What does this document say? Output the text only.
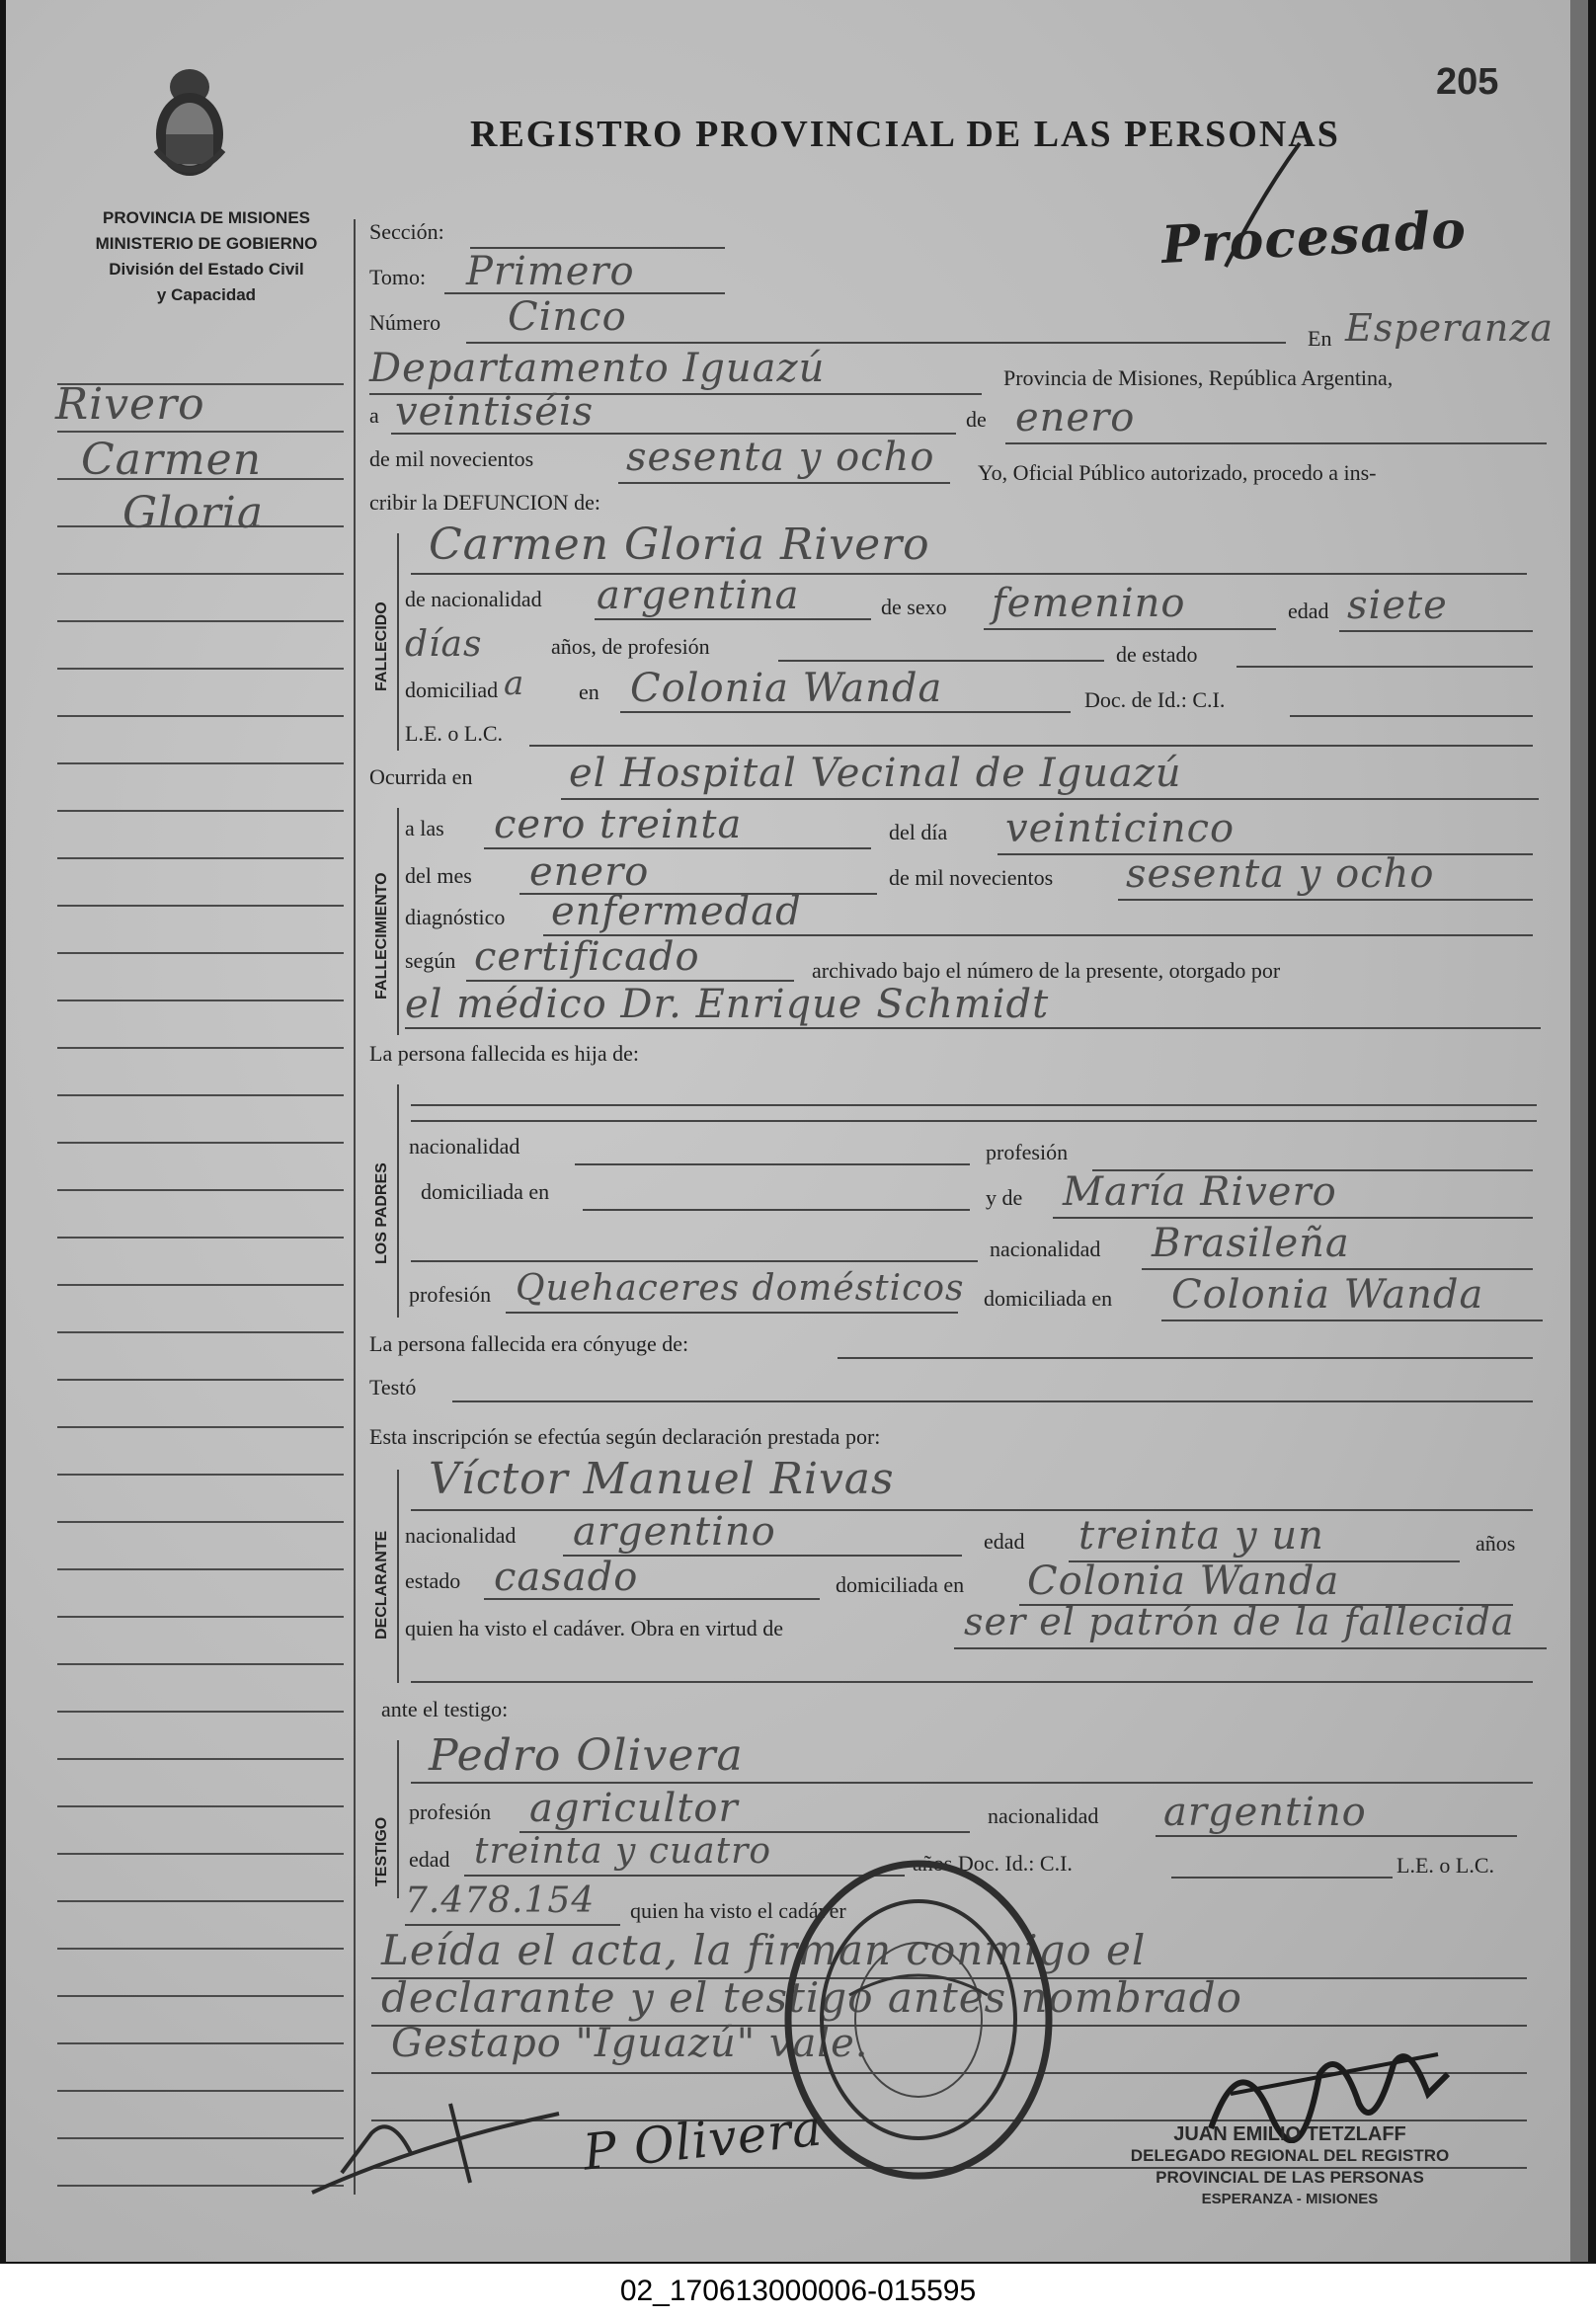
PROVINCIA DE MISIONES
MINISTERIO DE GOBIERNO
División del Estado Civil
y Capacidad
REGISTRO PROVINCIAL DE LAS PERSONAS
205
Procesado
Rivero
Carmen
Gloria
Sección:
Tomo: Primero
Número Cinco	En Esperanza
Departamento Iguazú	Provincia de Misiones, República Argentina,
a veintiséis	de enero
de mil novecientos sesenta y ocho Yo, Oficial Público autorizado, procedo a ins-
cribir la DEFUNCION de:
FALLECIDO
Carmen Gloria Rivero
de nacionalidad argentina	de sexo femenino	edad siete
días	años, de profesión	de estado
domiciliad a en Colonia Wanda	Doc. de Id.: C.I.
L.E. o L.C.
Ocurrida en el Hospital Vecinal de Iguazú
FALLECIMIENTO
a las cero treinta	del día veinticinco
del mes enero	de mil novecientos sesenta y ocho
diagnóstico enfermedad
según certificado	archivado bajo el número de la presente, otorgado por
el médico Dr. Enrique Schmidt
La persona fallecida es hija de:
LOS PADRES
nacionalidad	profesión
domiciliada en	y de María Rivero
nacionalidad Brasileña
profesión Quehaceres domésticos domiciliada en Colonia Wanda
La persona fallecida era cónyuge de:
Testó
Esta inscripción se efectúa según declaración prestada por:
DECLARANTE
Víctor Manuel Rivas
nacionalidad argentino	edad treinta y un	años
estado casado	domiciliada en Colonia Wanda
quien ha visto el cadáver. Obra en virtud de	ser el patrón de la fallecida
ante el testigo:
TESTIGO
Pedro Olivera
profesión agricultor	nacionalidad argentino
edad treinta y cuatro	años Doc. Id.: C.I.	L.E. o L.C.
7.478.154 quien ha visto el cadáver
Leída el acta, la firman conmigo el
declarante y el testigo antes nombrado
Gestapo "Iguazú" vale.
JUAN EMILIO TETZLAFF
DELEGADO REGIONAL DEL REGISTRO
PROVINCIAL DE LAS PERSONAS
ESPERANZA - MISIONES
P Olivera
02_170613000006-015595
